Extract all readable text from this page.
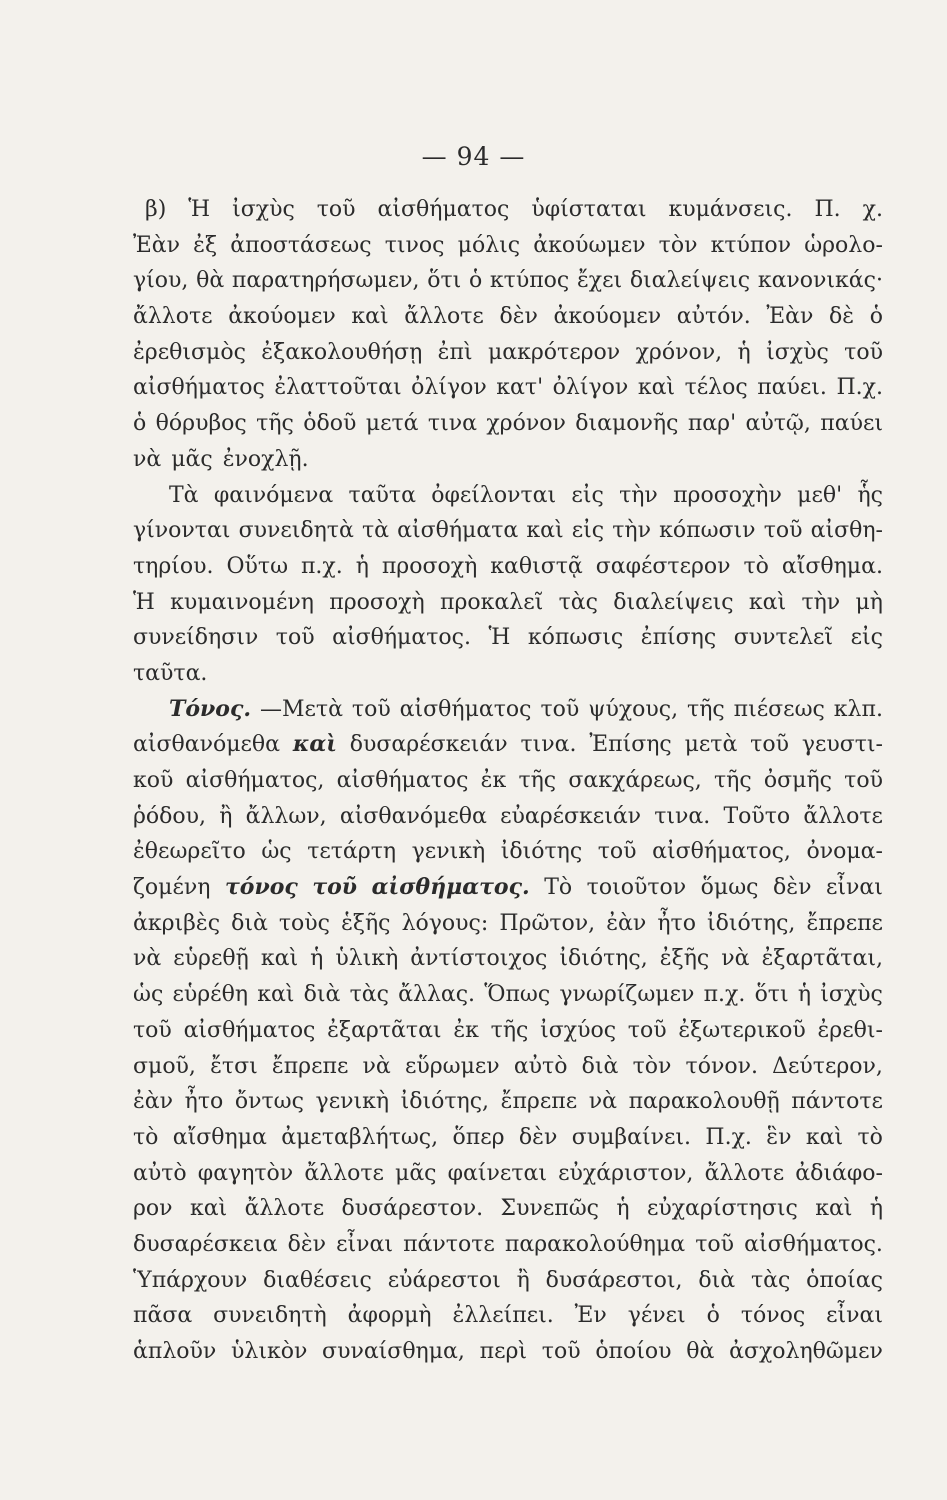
— 94 —
β) Ἡ ἰσχὺς τοῦ αἰσθήματος ὑφίσταται κυμάνσεις. Π. χ.
Ἐὰν ἐξ ἀποστάσεως τινος μόλις ἀκούωμεν τὸν κτύπον ὡρολο-
γίου, θὰ παρατηρήσωμεν, ὅτι ὁ κτύπος ἔχει διαλείψεις κανονικάς·
ἄλλοτε ἀκούομεν καὶ ἄλλοτε δὲν ἀκούομεν αὐτόν. Ἐὰν δὲ ὁ
ἐρεθισμὸς ἐξακολουθήσῃ ἐπὶ μακρότερον χρόνον, ἡ ἰσχὺς τοῦ
αἰσθήματος ἐλαττοῦται ὀλίγον κατ' ὀλίγον καὶ τέλος παύει. Π.χ.
ὁ θόρυβος τῆς ὁδοῦ μετά τινα χρόνον διαμονῆς παρ' αὐτῷ, παύει
νὰ μᾶς ἐνοχλῇ.
Τὰ φαινόμενα ταῦτα ὀφείλονται εἰς τὴν προσοχὴν μεθ' ἧς
γίνονται συνειδητὰ τὰ αἰσθήματα καὶ εἰς τὴν κόπωσιν τοῦ αἰσθη-
τηρίου. Οὕτω π.χ. ἡ προσοχὴ καθιστᾷ σαφέστερον τὸ αἴσθημα.
Ἡ κυμαινομένη προσοχὴ προκαλεῖ τὰς διαλείψεις καὶ τὴν μὴ
συνείδησιν τοῦ αἰσθήματος. Ἡ κόπωσις ἐπίσης συντελεῖ εἰς
ταῦτα.
Τόνος. —Μετὰ τοῦ αἰσθήματος τοῦ ψύχους, τῆς πιέσεως κλπ.
αἰσθανόμεθα καὶ δυσαρέσκειάν τινα. Ἐπίσης μετὰ τοῦ γευστι-
κοῦ αἰσθήματος, αἰσθήματος ἐκ τῆς σακχάρεως, τῆς ὀσμῆς τοῦ
ῥόδου, ἢ ἄλλων, αἰσθανόμεθα εὐαρέσκειάν τινα. Τοῦτο ἄλλοτε
ἐθεωρεῖτο ὡς τετάρτη γενικὴ ἰδιότης τοῦ αἰσθήματος, ὀνομα-
ζομένη τόνος τοῦ αἰσθήματος. Τὸ τοιοῦτον ὅμως δὲν εἶναι
ἀκριβὲς διὰ τοὺς ἑξῆς λόγους: Πρῶτον, ἐὰν ἦτο ἰδιότης, ἔπρεπε
νὰ εὑρεθῇ καὶ ἡ ὑλικὴ ἀντίστοιχος ἰδιότης, ἐξῆς νὰ ἐξαρτᾶται,
ὡς εὑρέθη καὶ διὰ τὰς ἄλλας. Ὅπως γνωρίζωμεν π.χ. ὅτι ἡ ἰσχὺς
τοῦ αἰσθήματος ἐξαρτᾶται ἐκ τῆς ἰσχύος τοῦ ἐξωτερικοῦ ἐρεθι-
σμοῦ, ἔτσι ἔπρεπε νὰ εὕρωμεν αὐτὸ διὰ τὸν τόνον. Δεύτερον,
ἐὰν ἦτο ὄντως γενικὴ ἰδιότης, ἔπρεπε νὰ παρακολουθῇ πάντοτε
τὸ αἴσθημα ἀμεταβλήτως, ὅπερ δὲν συμβαίνει. Π.χ. ἓν καὶ τὸ
αὐτὸ φαγητὸν ἄλλοτε μᾶς φαίνεται εὐχάριστον, ἄλλοτε ἀδιάφο-
ρον καὶ ἄλλοτε δυσάρεστον. Συνεπῶς ἡ εὐχαρίστησις καὶ ἡ
δυσαρέσκεια δὲν εἶναι πάντοτε παρακολούθημα τοῦ αἰσθήματος.
Ὑπάρχουν διαθέσεις εὐάρεστοι ἢ δυσάρεστοι, διὰ τὰς ὁποίας
πᾶσα συνειδητὴ ἀφορμὴ ἐλλείπει. Ἐν γένει ὁ τόνος εἶναι
ἁπλοῦν ὑλικὸν συναίσθημα, περὶ τοῦ ὁποίου θὰ ἀσχοληθῶμεν
